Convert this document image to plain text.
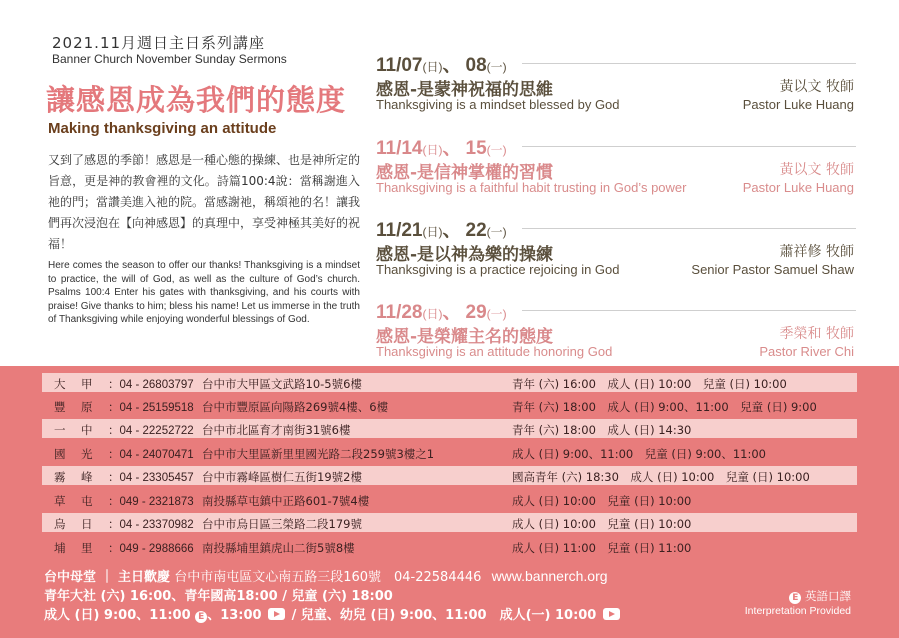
2021.11月週日主日系列講座
Banner Church November Sunday Sermons
讓感恩成為我們的態度
Making thanksgiving an attitude
又到了感恩的季節！感恩是一種心態的操練、也是神所定的旨意，更是神的教會裡的文化。詩篇100:4說：當稱謝進入祂的門；當讚美進入祂的院。當感謝祂，稱頌祂的名！讓我們再次浸泡在【向神感恩】的真理中，享受神極其美好的祝福！
Here comes the season to offer our thanks! Thanksgiving is a mindset to practice, the will of God, as well as the culture of God’s church. Psalms 100:4 Enter his gates with thanksgiving, and his courts with praise! Give thanks to him; bless his name! Let us immerse in the truth of Thanksgiving while enjoying wonderful blessings of God.
11/07(日)、 08(一)
感恩-是蒙神祝福的思維	黃以文 牧師
Thanksgiving is a mindset blessed by God	Pastor Luke Huang
11/14(日)、 15(一)
感恩-是信神掌權的習慣	黃以文 牧師
Thanksgiving is a faithful habit trusting in God’s power	Pastor Luke Huang
11/21(日)、 22(一)
感恩-是以神為樂的操練	蕭祥修 牧師
Thanksgiving is a practice rejoicing in God	Senior Pastor Samuel Shaw
11/28(日)、 29(一)
感恩-是榮耀主名的態度	季榮和 牧師
Thanksgiving is an attitude honoring God	Pastor River Chi
大　甲	：04 - 26803797 台中市大甲區文武路10-5號6樓	青年 (六) 16:00　成人 (日) 10:00　兒童 (日) 10:00
豐　原	：04 - 25159518 台中市豐原區向陽路269號4樓、6樓	青年 (六) 18:00　成人 (日) 9:00、11:00　兒童 (日) 9:00
一　中	：04 - 22252722 台中市北區育才南街31號6樓	青年 (六) 18:00　成人 (日) 14:30
國　光	：04 - 24070471 台中市大里區新里里國光路二段259號3樓之1	成人 (日) 9:00、11:00　兒童 (日) 9:00、11:00
霧　峰	：04 - 23305457 台中市霧峰區樹仁五街19號2樓	國高青年 (六) 18:30　成人 (日) 10:00　兒童 (日) 10:00
草　屯	：049 - 2321873 南投縣草屯鎮中正路601-7號4樓	成人 (日) 10:00　兒童 (日) 10:00
烏　日	：04 - 23370982 台中市烏日區三榮路二段179號	成人 (日) 10:00　兒童 (日) 10:00
埔　里	：049 - 2988666 南投縣埔里鎮虎山二街5號8樓	成人 (日) 11:00　兒童 (日) 11:00
台中母堂 ｜ 主日歡慶 台中市南屯區文心南五路三段160號　04-22584446 www.bannerch.org
青年大社 (六) 16:00、青年國高18:00 / 兒童 (六) 18:00
成人 (日) 9:00、11:00 E 、13:00 / 兒童、幼兒 (日) 9:00、11:00　成人(一) 10:00
E 英語口譯
Interpretation Provided
